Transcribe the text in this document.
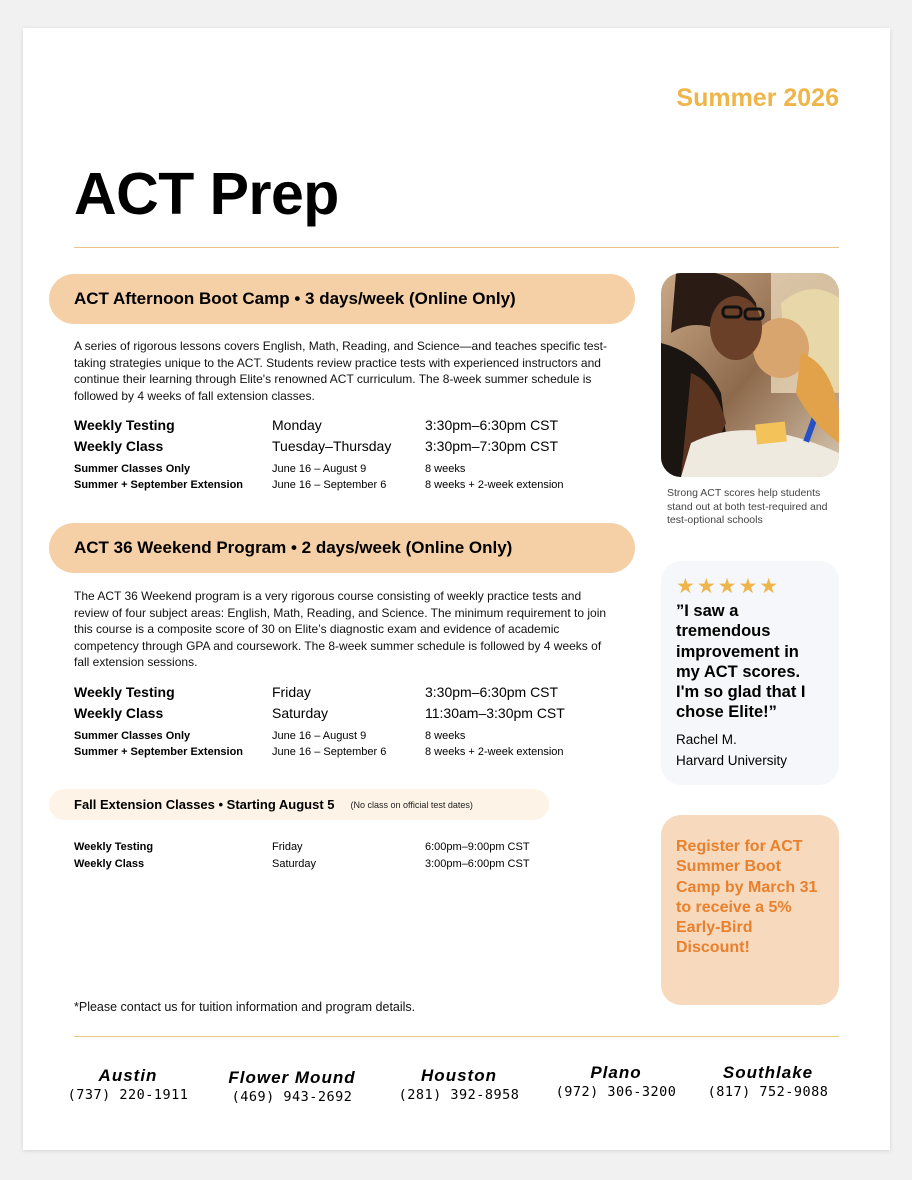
Summer 2026
ACT Prep
ACT Afternoon Boot Camp • 3 days/week (Online Only)
A series of rigorous lessons covers English, Math, Reading, and Science—and teaches specific test-taking strategies unique to the ACT. Students review practice tests with experienced instructors and continue their learning through Elite's renowned ACT curriculum. The 8-week summer schedule is followed by 4 weeks of fall extension classes.
Weekly Testing	Monday	3:30pm–6:30pm CST
Weekly Class	Tuesday–Thursday 3:30pm–7:30pm CST
Summer Classes Only	June 16 – August 9	8 weeks
Summer + September Extension	June 16 – September 6	8 weeks + 2-week extension
ACT 36 Weekend Program • 2 days/week (Online Only)
The ACT 36 Weekend program is a very rigorous course consisting of weekly practice tests and review of four subject areas: English, Math, Reading, and Science. The minimum requirement to join this course is a composite score of 30 on Elite’s diagnostic exam and evidence of academic competency through GPA and coursework. The 8-week summer schedule is followed by 4 weeks of fall extension sessions.
Weekly Testing	Friday	3:30pm–6:30pm CST
Weekly Class	Saturday	11:30am–3:30pm CST
Summer Classes Only	June 16 – August 9	8 weeks
Summer + September Extension	June 16 – September 6	8 weeks + 2-week extension
Fall Extension Classes • Starting August 5 (No class on official test dates)
Weekly Testing	Friday	6:00pm–9:00pm CST
Weekly Class	Saturday	3:00pm–6:00pm CST
Strong ACT scores help students stand out at both test-required and test-optional schools
★★★★★
”I saw a tremendous improvement in my ACT scores. I'm so glad that I chose Elite!”
Rachel M.
Harvard University
Register for ACT Summer Boot Camp by March 31 to receive a 5% Early-Bird Discount!
*Please contact us for tuition information and program details.
Austin
(737) 220-1911
Flower Mound
(469) 943-2692
Houston
(281) 392-8958
Plano
(972) 306-3200
Southlake
(817) 752-9088
